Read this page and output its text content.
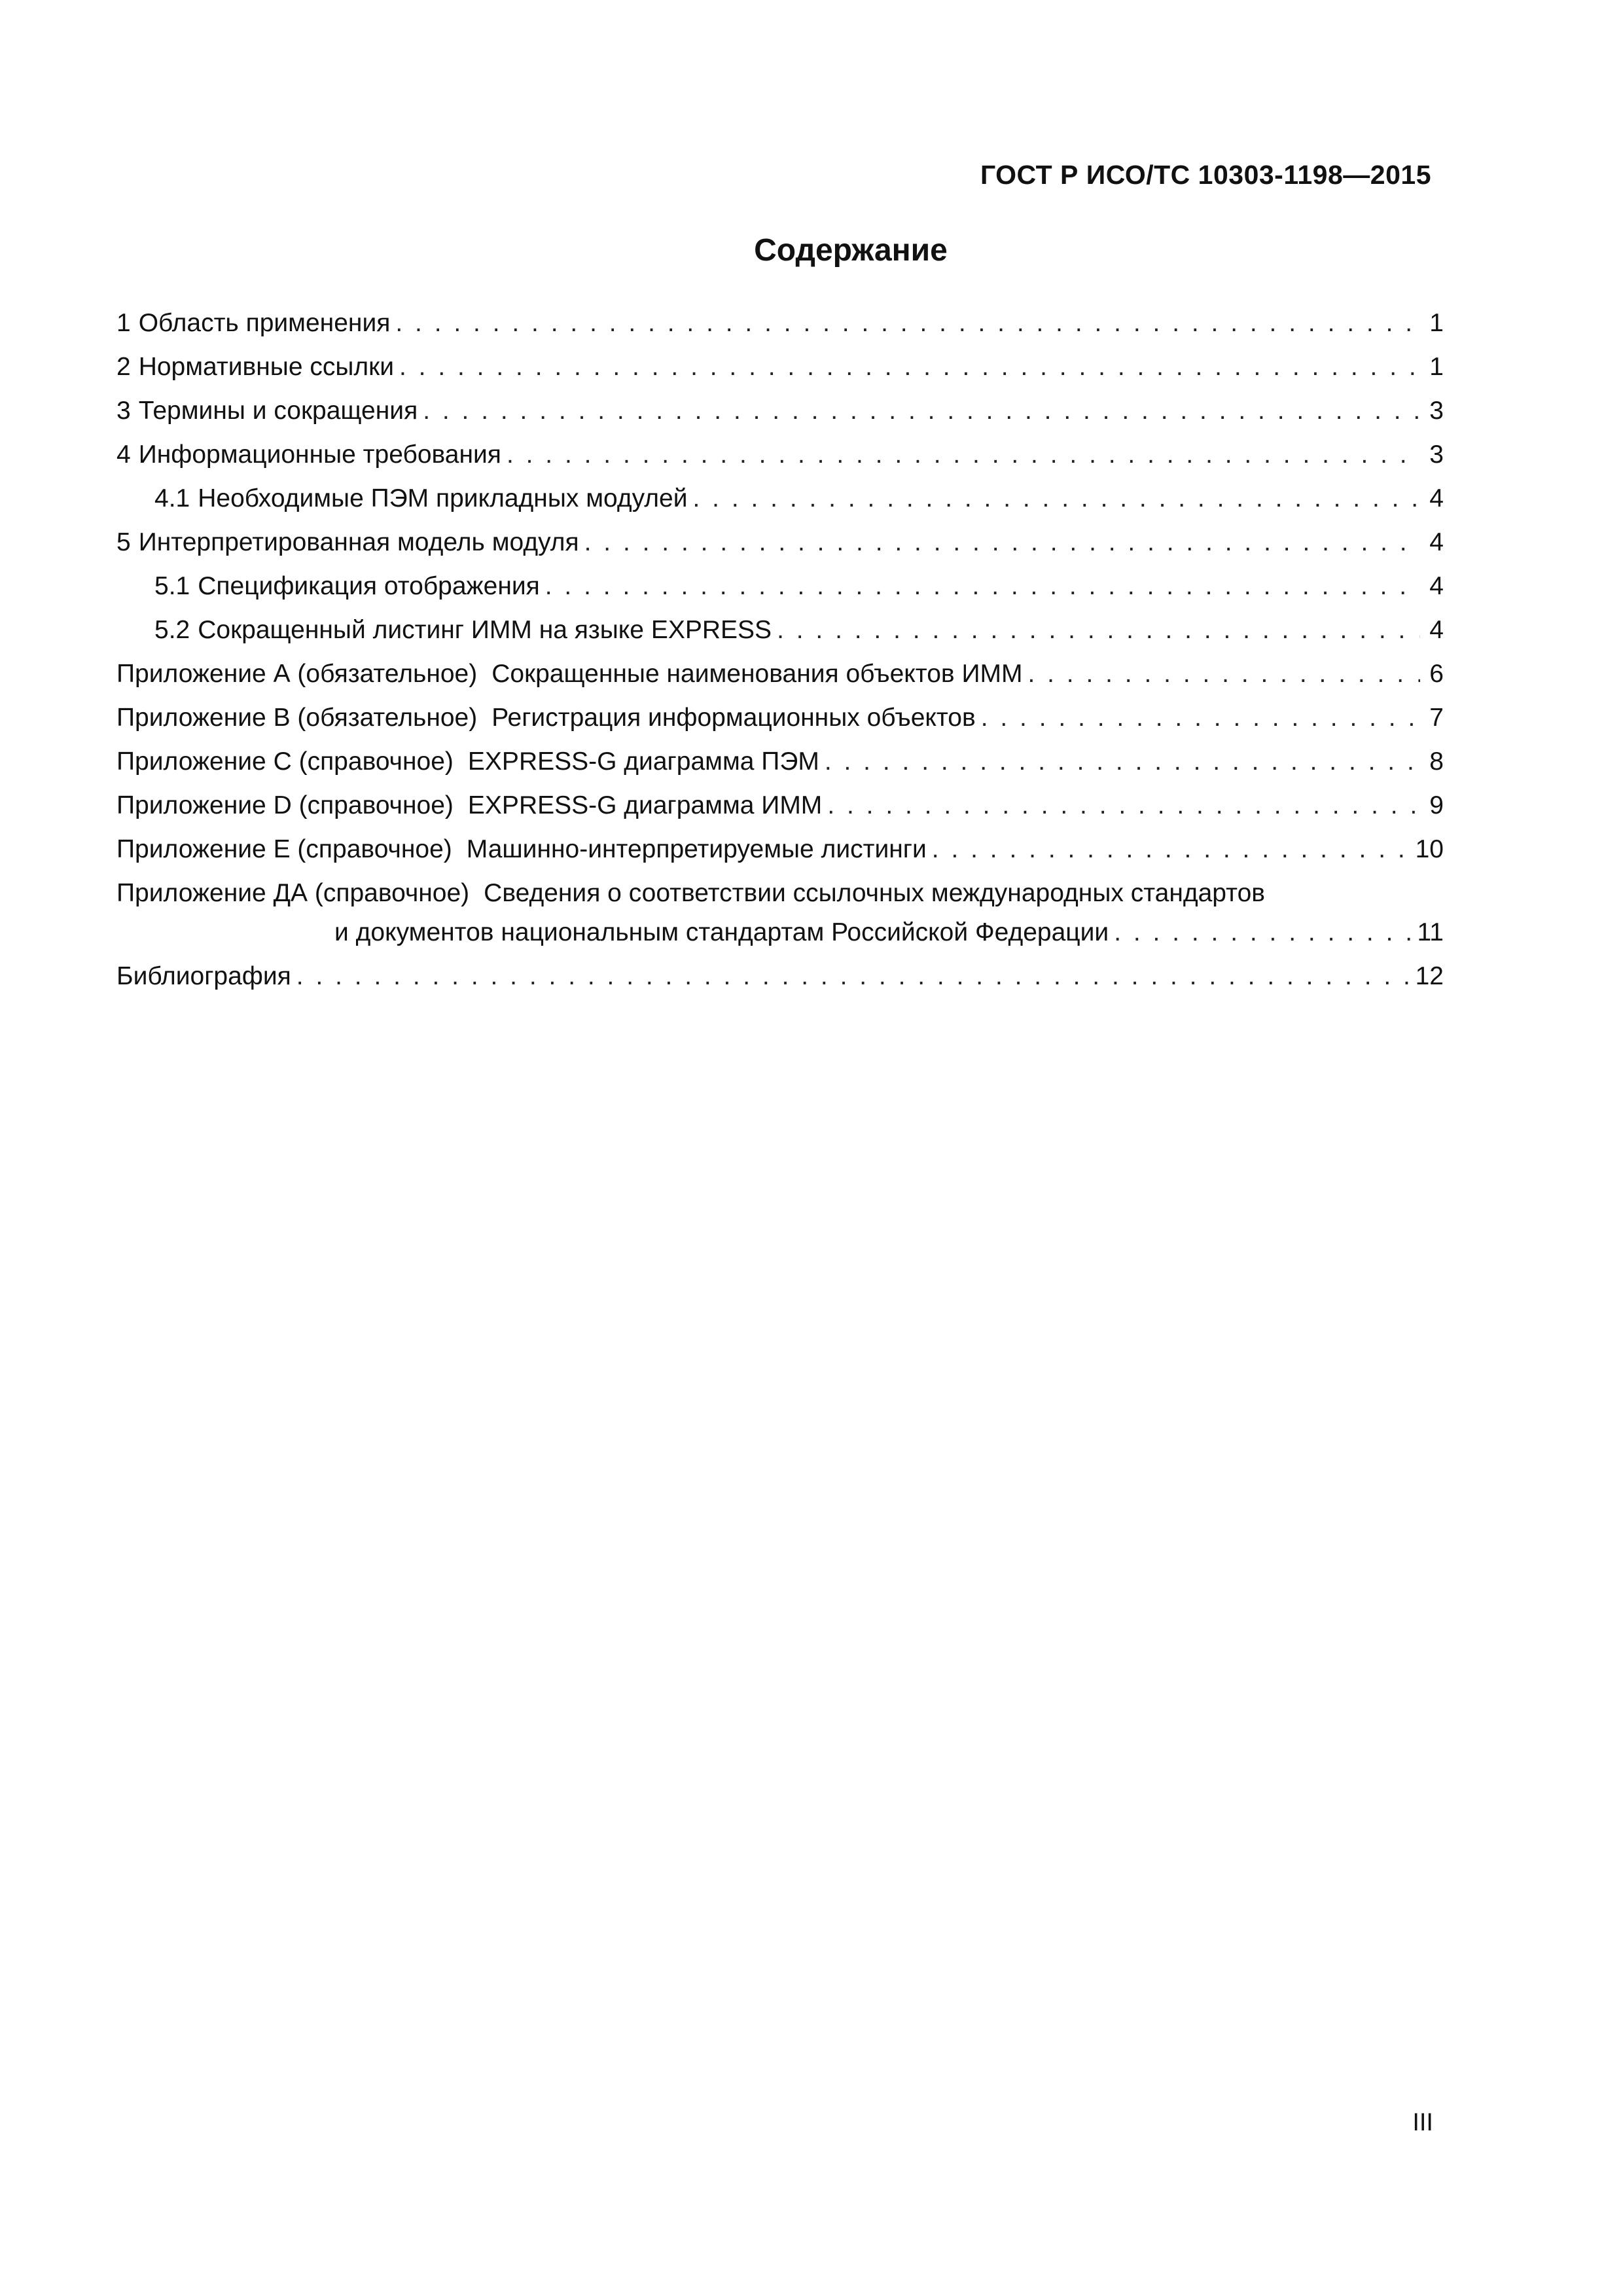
ГОСТ Р ИСО/ТС 10303-1198—2015
Содержание
1 Область применения . . .	1
2 Нормативные ссылки . . .	1
3 Термины и сокращения . . .	3
4 Информационные требования . . .	3
4.1 Необходимые ПЭМ прикладных модулей . . .	4
5 Интерпретированная модель модуля . . .	4
5.1 Спецификация отображения . . .	4
5.2 Сокращенный листинг ИММ на языке EXPRESS . . .	4
Приложение А (обязательное) Сокращенные наименования объектов ИММ . . .	6
Приложение В (обязательное) Регистрация информационных объектов . . .	7
Приложение С (справочное) EXPRESS-G диаграмма ПЭМ . . .	8
Приложение D (справочное) EXPRESS-G диаграмма ИММ . . .	9
Приложение Е (справочное) Машинно-интерпретируемые листинги . . .	10
Приложение ДА (справочное) Сведения о соответствии ссылочных международных стандартов
и документов национальным стандартам Российской Федерации . . .	11
Библиография . . .	12
III
